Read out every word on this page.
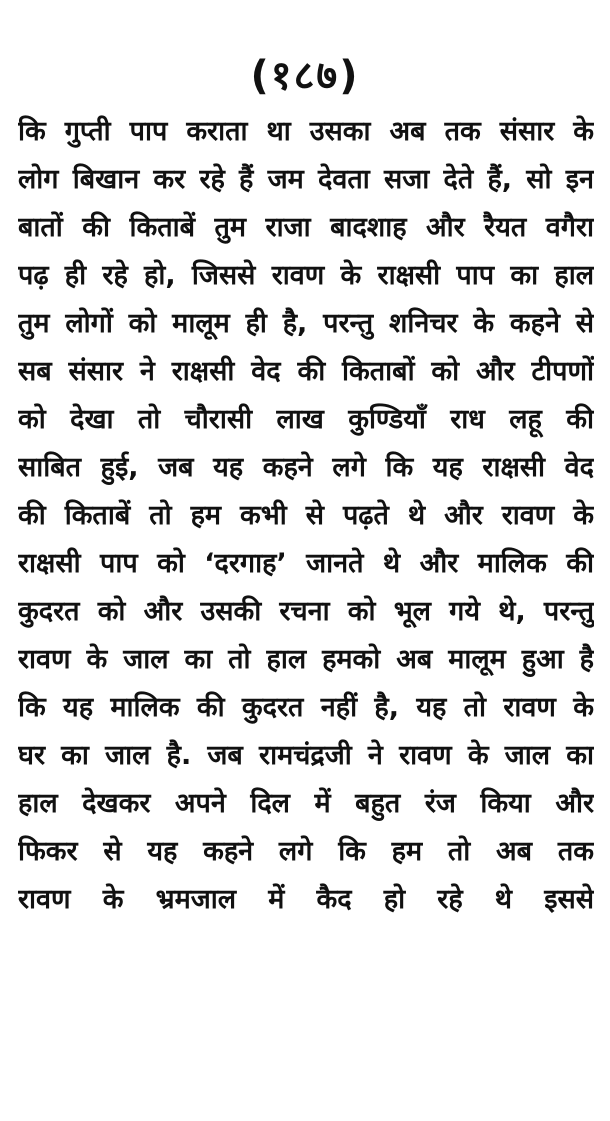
(१८७)
कि गुप्ती पाप कराता था उसका अब तक संसार के
लोग बिखान कर रहे हैं जम देवता सजा देते हैं, सो इन
बातों की किताबें तुम राजा बादशाह और रैयत वगैरा
पढ़ ही रहे हो, जिससे रावण के राक्षसी पाप का हाल
तुम लोगों को मालूम ही है, परन्तु शनिचर के कहने से
सब संसार ने राक्षसी वेद की किताबों को और टीपणों
को देखा तो चौरासी लाख कुण्डियाँ राध लहू की
साबित हुई, जब यह कहने लगे कि यह राक्षसी वेद
की किताबें तो हम कभी से पढ़ते थे और रावण के
राक्षसी पाप को ‘दरगाह’ जानते थे और मालिक की
कुदरत को और उसकी रचना को भूल गये थे, परन्तु
रावण के जाल का तो हाल हमको अब मालूम हुआ है
कि यह मालिक की कुदरत नहीं है, यह तो रावण के
घर का जाल है. जब रामचंद्रजी ने रावण के जाल का
हाल देखकर अपने दिल में बहुत रंज किया और
फिकर से यह कहने लगे कि हम तो अब तक
रावण के भ्रमजाल में कैद हो रहे थे इससे
